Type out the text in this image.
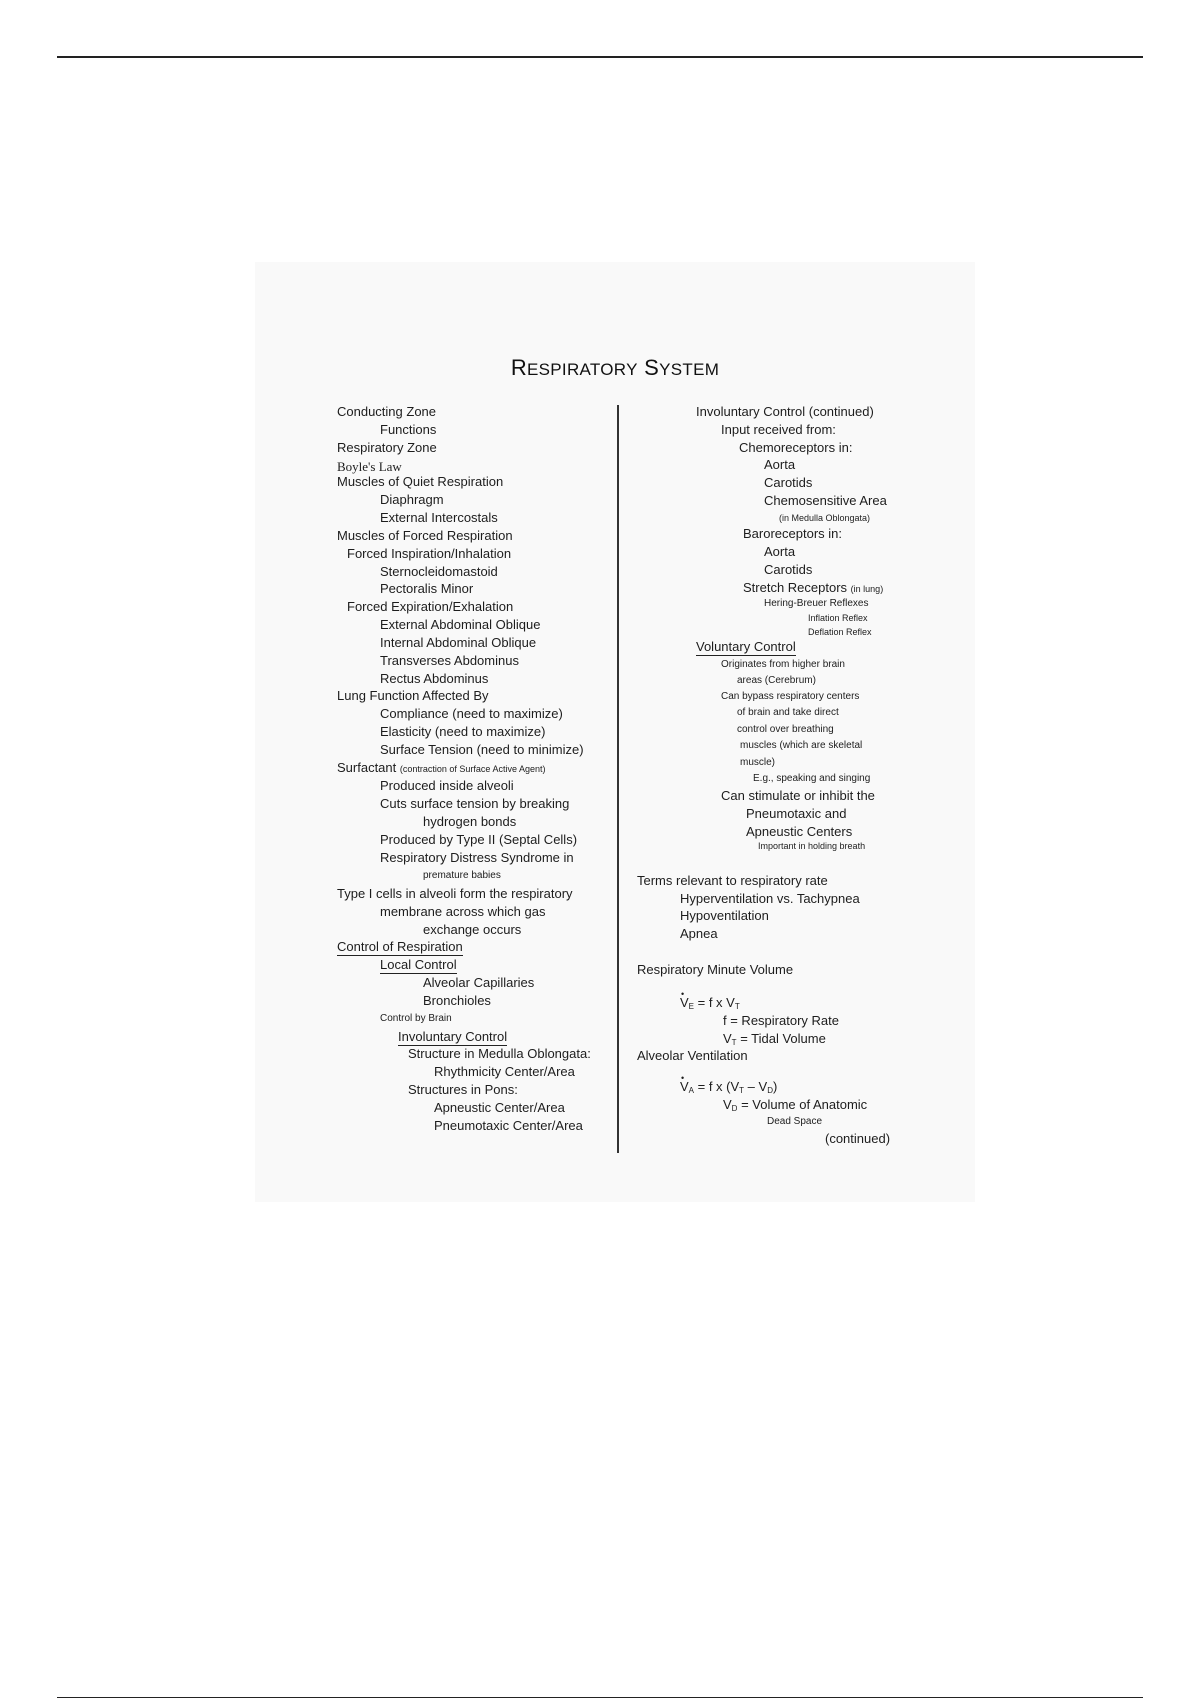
RESPIRATORY SYSTEM
Conducting Zone
Functions
Respiratory Zone
Boyle's Law
Muscles of Quiet Respiration
Diaphragm
External Intercostals
Muscles of Forced Respiration
Forced Inspiration/Inhalation
Sternocleidomastoid
Pectoralis Minor
Forced Expiration/Exhalation
External Abdominal Oblique
Internal Abdominal Oblique
Transverses Abdominus
Rectus Abdominus
Lung Function Affected By
Compliance (need to maximize)
Elasticity (need to maximize)
Surface Tension (need to minimize)
Surfactant (contraction of Surface Active Agent)
Produced inside alveoli
Cuts surface tension by breaking
hydrogen bonds
Produced by Type II (Septal Cells)
Respiratory Distress Syndrome in
premature babies
Type I cells in alveoli form the respiratory
membrane across which gas
exchange occurs
Control of Respiration
Local Control
Alveolar Capillaries
Bronchioles
Control by Brain
Involuntary Control
Structure in Medulla Oblongata:
Rhythmicity Center/Area
Structures in Pons:
Apneustic Center/Area
Pneumotaxic Center/Area
Involuntary Control (continued)
Input received from:
Chemoreceptors in:
Aorta
Carotids
Chemosensitive Area
(in Medulla Oblongata)
Baroreceptors in:
Aorta
Carotids
Stretch Receptors (in lung)
Hering-Breuer Reflexes
Inflation Reflex
Deflation Reflex
Voluntary Control
Originates from higher brain
areas (Cerebrum)
Can bypass respiratory centers
of brain and take direct
control over breathing
muscles (which are skeletal
muscle)
E.g., speaking and singing
Can stimulate or inhibit the
Pneumotaxic and
Apneustic Centers
Important in holding breath
Terms relevant to respiratory rate
Hyperventilation vs. Tachypnea
Hypoventilation
Apnea
Respiratory Minute Volume
• $V_E = f$ x $V_T$
f = Respiratory Rate
$V_T$ = Tidal Volume
Alveolar Ventilation
• $V_A = f$ x $(V_T - V_D)$
$V_D$ = Volume of Anatomic
Dead Space
(continued)
